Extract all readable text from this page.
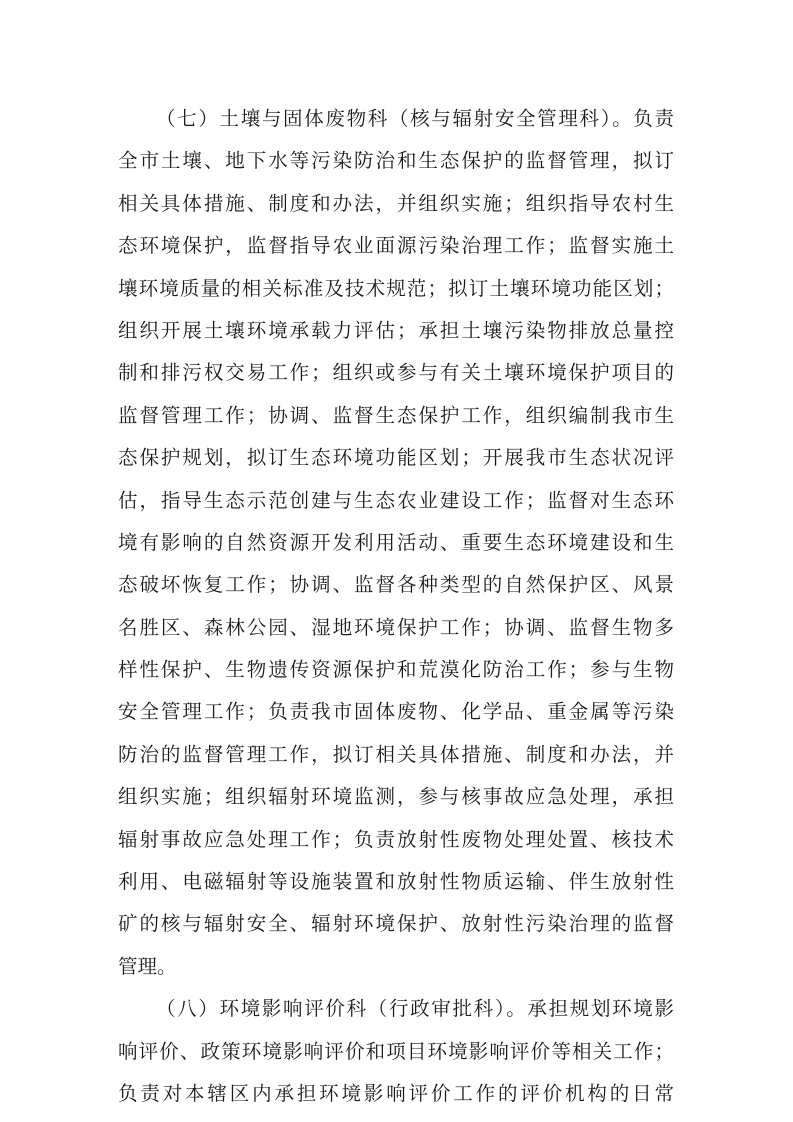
（七）土壤与固体废物科（核与辐射安全管理科）。负责
全市土壤、地下水等污染防治和生态保护的监督管理，拟订
相关具体措施、制度和办法，并组织实施；组织指导农村生
态环境保护，监督指导农业面源污染治理工作；监督实施土
壤环境质量的相关标准及技术规范；拟订土壤环境功能区划；
组织开展土壤环境承载力评估；承担土壤污染物排放总量控
制和排污权交易工作；组织或参与有关土壤环境保护项目的
监督管理工作；协调、监督生态保护工作，组织编制我市生
态保护规划，拟订生态环境功能区划；开展我市生态状况评
估，指导生态示范创建与生态农业建设工作；监督对生态环
境有影响的自然资源开发利用活动、重要生态环境建设和生
态破坏恢复工作；协调、监督各种类型的自然保护区、风景
名胜区、森林公园、湿地环境保护工作；协调、监督生物多
样性保护、生物遗传资源保护和荒漠化防治工作；参与生物
安全管理工作；负责我市固体废物、化学品、重金属等污染
防治的监督管理工作，拟订相关具体措施、制度和办法，并
组织实施；组织辐射环境监测，参与核事故应急处理，承担
辐射事故应急处理工作；负责放射性废物处理处置、核技术
利用、电磁辐射等设施装置和放射性物质运输、伴生放射性
矿的核与辐射安全、辐射环境保护、放射性污染治理的监督
管理。
（八）环境影响评价科（行政审批科）。承担规划环境影
响评价、政策环境影响评价和项目环境影响评价等相关工作；
负责对本辖区内承担环境影响评价工作的评价机构的日常
